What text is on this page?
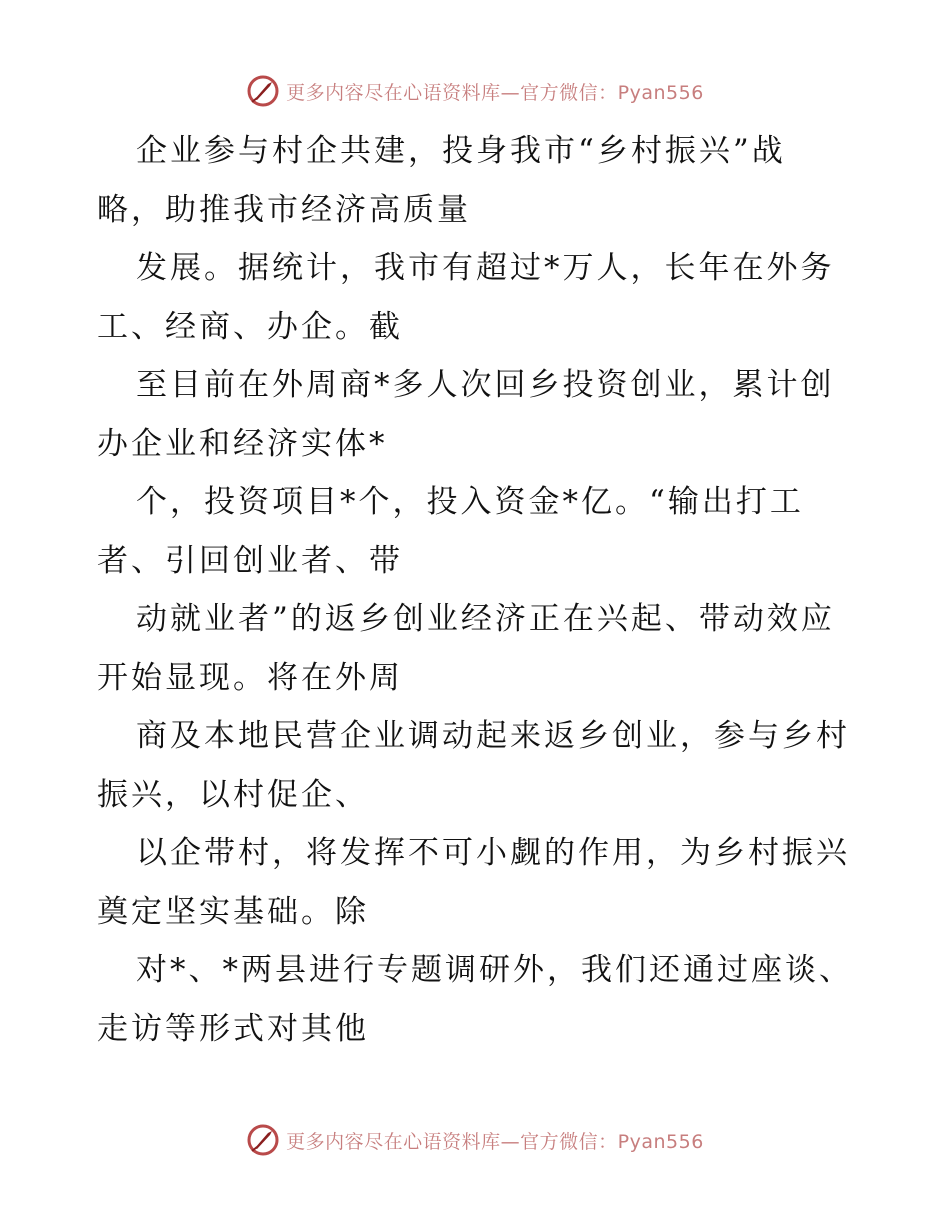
更多内容尽在心语资料库—官方微信：Pyan556
企业参与村企共建，投身我市“乡村振兴”战
略，助推我市经济高质量
发展。据统计，我市有超过*万人，长年在外务
工、经商、办企。截
至目前在外周商*多人次回乡投资创业，累计创
办企业和经济实体*
个，投资项目*个，投入资金*亿。“输出打工
者、引回创业者、带
动就业者”的返乡创业经济正在兴起、带动效应
开始显现。将在外周
商及本地民营企业调动起来返乡创业，参与乡村
振兴，以村促企、
以企带村，将发挥不可小觑的作用，为乡村振兴
奠定坚实基础。除
对*、*两县进行专题调研外，我们还通过座谈、
走访等形式对其他
更多内容尽在心语资料库—官方微信：Pyan556
